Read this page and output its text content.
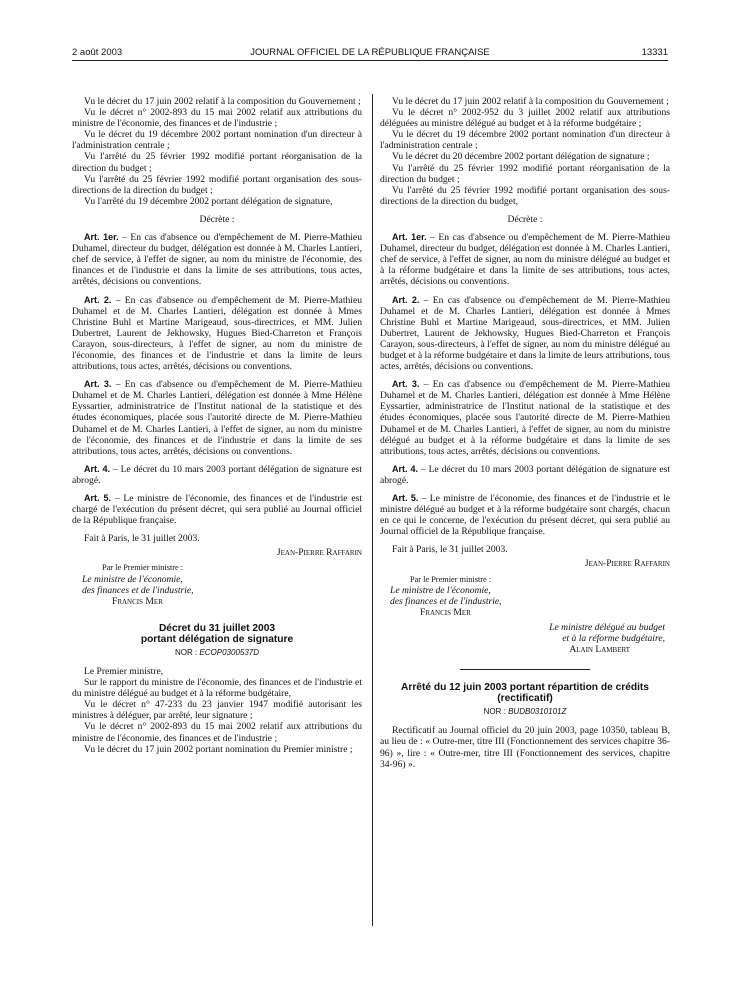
2 août 2003	JOURNAL OFFICIEL DE LA RÉPUBLIQUE FRANÇAISE	13331

Vu le décret du 17 juin 2002 relatif à la composition du Gouvernement ;

Vu le décret n° 2002-893 du 15 mai 2002 relatif aux attributions du ministre de l'économie, des finances et de l'industrie ;

Vu le décret du 19 décembre 2002 portant nomination d'un directeur à l'administration centrale ;

Vu l'arrêté du 25 février 1992 modifié portant réorganisation de la direction du budget ;

Vu l'arrêté du 25 février 1992 modifié portant organisation des sous-directions de la direction du budget ;

Vu l'arrêté du 19 décembre 2002 portant délégation de signature,

Décrète :

Art. 1er. – En cas d'absence ou d'empêchement de M. Pierre-Mathieu Duhamel, directeur du budget, délégation est donnée à M. Charles Lantieri, chef de service, à l'effet de signer, au nom du ministre de l'économie, des finances et de l'industrie et dans la limite de ses attributions, tous actes, arrêtés, décisions ou conventions.

Art. 2. – En cas d'absence ou d'empêchement de M. Pierre-Mathieu Duhamel et de M. Charles Lantieri, délégation est donnée à Mmes Christine Buhl et Martine Marigeaud, sous-directrices, et MM. Julien Dubertret, Laurent de Jekhowsky, Hugues Bied-Charreton et François Carayon, sous-directeurs, à l'effet de signer, au nom du ministre de l'économie, des finances et de l'industrie et dans la limite de leurs attributions, tous actes, arrêtés, décisions ou conventions.

Art. 3. – En cas d'absence ou d'empêchement de M. Pierre-Mathieu Duhamel et de M. Charles Lantieri, délégation est donnée à Mme Hélène Eyssartier, administratrice de l'Institut national de la statistique et des études économiques, placée sous l'autorité directe de M. Pierre-Mathieu Duhamel et de M. Charles Lantieri, à l'effet de signer, au nom du ministre de l'économie, des finances et de l'industrie et dans la limite de ses attributions, tous actes, arrêtés, décisions ou conventions.

Art. 4. – Le décret du 10 mars 2003 portant délégation de signature est abrogé.

Art. 5. – Le ministre de l'économie, des finances et de l'industrie est chargé de l'exécution du présent décret, qui sera publié au Journal officiel de la République française.

Fait à Paris, le 31 juillet 2003.

Jean-Pierre Raffarin

Par le Premier ministre :

Le ministre de l'économie,

des finances et de l'industrie,

Francis Mer

Décret du 31 juillet 2003

portant délégation de signature

NOR : ECOP0300537D

Le Premier ministre,

Sur le rapport du ministre de l'économie, des finances et de l'industrie et du ministre délégué au budget et à la réforme budgétaire,

Vu le décret n° 47-233 du 23 janvier 1947 modifié autorisant les ministres à déléguer, par arrêté, leur signature ;

Vu le décret n° 2002-893 du 15 mai 2002 relatif aux attributions du ministre de l'économie, des finances et de l'industrie ;

Vu le décret du 17 juin 2002 portant nomination du Premier ministre ;

Vu le décret du 17 juin 2002 relatif à la composition du Gouvernement ;

Vu le décret n° 2002-952 du 3 juillet 2002 relatif aux attributions déléguées au ministre délégué au budget et à la réforme budgétaire ;

Vu le décret du 19 décembre 2002 portant nomination d'un directeur à l'administration centrale ;

Vu le décret du 20 décembre 2002 portant délégation de signature ;

Vu l'arrêté du 25 février 1992 modifié portant réorganisation de la direction du budget ;

Vu l'arrêté du 25 février 1992 modifié portant organisation des sous-directions de la direction du budget,

Décrète :

Art. 1er. – En cas d'absence ou d'empêchement de M. Pierre-Mathieu Duhamel, directeur du budget, délégation est donnée à M. Charles Lantieri, chef de service, à l'effet de signer, au nom du ministre délégué au budget et à la réforme budgétaire et dans la limite de ses attributions, tous actes, arrêtés, décisions ou conventions.

Art. 2. – En cas d'absence ou d'empêchement de M. Pierre-Mathieu Duhamel et de M. Charles Lantieri, délégation est donnée à Mmes Christine Buhl et Martine Marigeaud, sous-directrices, et MM. Julien Dubertret, Laurent de Jekhowsky, Hugues Bied-Charreton et François Carayon, sous-directeurs, à l'effet de signer, au nom du ministre délégué au budget et à la réforme budgétaire et dans la limite de leurs attributions, tous actes, arrêtés, décisions ou conventions.

Art. 3. – En cas d'absence ou d'empêchement de M. Pierre-Mathieu Duhamel et de M. Charles Lantieri, délégation est donnée à Mme Hélène Eyssartier, administratrice de l'Institut national de la statistique et des études économiques, placée sous l'autorité directe de M. Pierre-Mathieu Duhamel et de M. Charles Lantieri, à l'effet de signer, au nom du ministre délégué au budget et à la réforme budgétaire et dans la limite de ses attributions, tous actes, arrêtés, décisions ou conventions.

Art. 4. – Le décret du 10 mars 2003 portant délégation de signature est abrogé.

Art. 5. – Le ministre de l'économie, des finances et de l'industrie et le ministre délégué au budget et à la réforme budgétaire sont chargés, chacun en ce qui le concerne, de l'exécution du présent décret, qui sera publié au Journal officiel de la République française.

Fait à Paris, le 31 juillet 2003.

Jean-Pierre Raffarin

Par le Premier ministre :

Le ministre de l'économie,

des finances et de l'industrie,

Francis Mer

Le ministre délégué au budget

et à la réforme budgétaire,

Alain Lambert

Arrêté du 12 juin 2003 portant répartition de crédits

(rectificatif)

NOR : BUDB0310101Z

Rectificatif au Journal officiel du 20 juin 2003, page 10350, tableau B, au lieu de : « Outre-mer, titre III (Fonctionnement des services chapitre 36-96) », lire : « Outre-mer, titre III (Fonctionnement des services, chapitre 34-96) ».
